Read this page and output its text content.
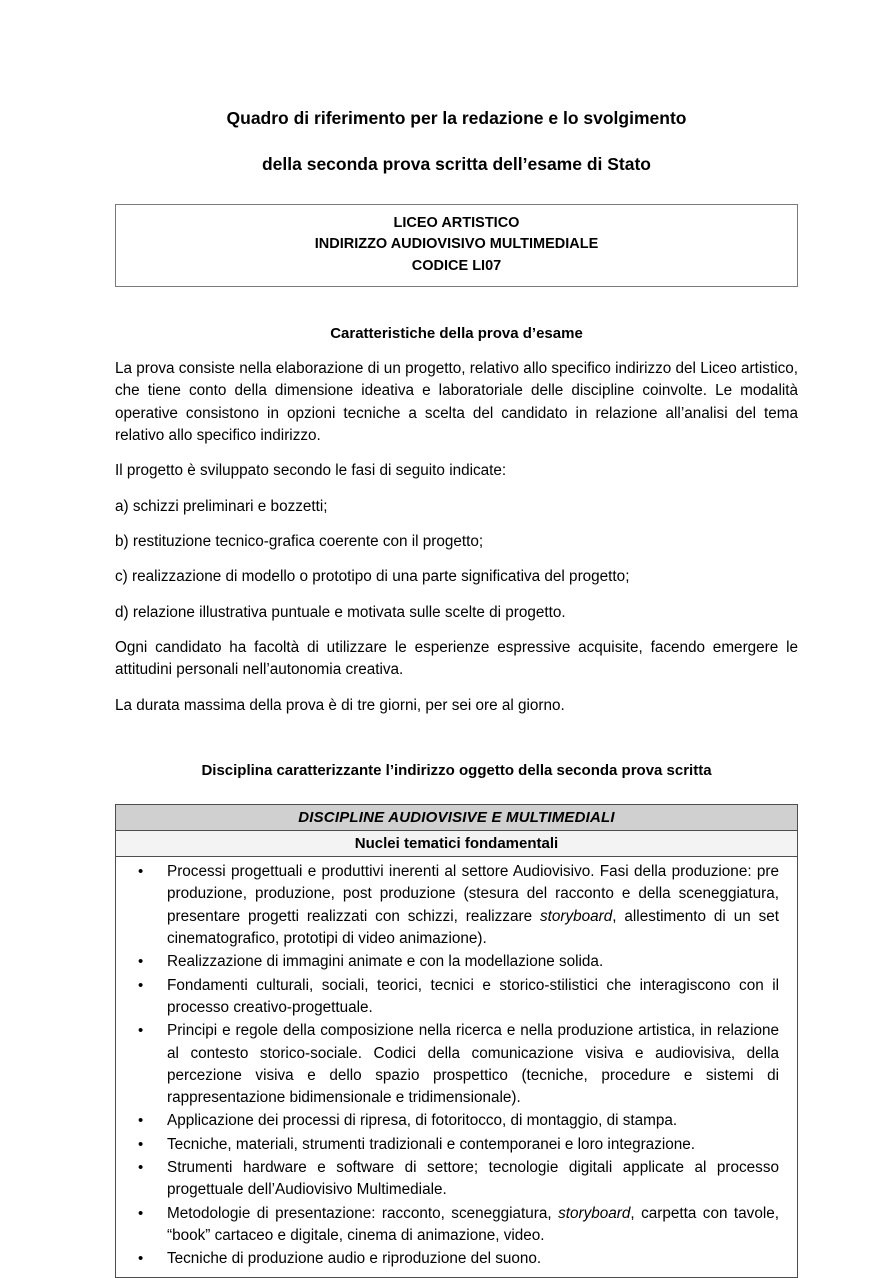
Quadro di riferimento per la redazione e lo svolgimento
della seconda prova scritta dell’esame di Stato
LICEO ARTISTICO
INDIRIZZO AUDIOVISIVO MULTIMEDIALE
CODICE LI07
Caratteristiche della prova d’esame
La prova consiste nella elaborazione di un progetto, relativo allo specifico indirizzo del Liceo artistico, che tiene conto della dimensione ideativa e laboratoriale delle discipline coinvolte. Le modalità operative consistono in opzioni tecniche a scelta del candidato in relazione all’analisi del tema relativo allo specifico indirizzo.
Il progetto è sviluppato secondo le fasi di seguito indicate:
a) schizzi preliminari e bozzetti;
b) restituzione tecnico-grafica coerente con il progetto;
c) realizzazione di modello o prototipo di una parte significativa del progetto;
d) relazione illustrativa puntuale e motivata sulle scelte di progetto.
Ogni candidato ha facoltà di utilizzare le esperienze espressive acquisite, facendo emergere le attitudini personali nell’autonomia creativa.
La durata massima della prova è di tre giorni, per sei ore al giorno.
Disciplina caratterizzante l’indirizzo oggetto della seconda prova scritta
DISCIPLINE AUDIOVISIVE E MULTIMEDIALI
Nuclei tematici fondamentali
• Processi progettuali e produttivi inerenti al settore Audiovisivo. Fasi della produzione: pre produzione, produzione, post produzione (stesura del racconto e della sceneggiatura, presentare progetti realizzati con schizzi, realizzare storyboard, allestimento di un set cinematografico, prototipi di video animazione).
• Realizzazione di immagini animate e con la modellazione solida.
• Fondamenti culturali, sociali, teorici, tecnici e storico-stilistici che interagiscono con il processo creativo-progettuale.
• Principi e regole della composizione nella ricerca e nella produzione artistica, in relazione al contesto storico-sociale. Codici della comunicazione visiva e audiovisiva, della percezione visiva e dello spazio prospettico (tecniche, procedure e sistemi di rappresentazione bidimensionale e tridimensionale).
• Applicazione dei processi di ripresa, di fotoritocco, di montaggio, di stampa.
• Tecniche, materiali, strumenti tradizionali e contemporanei e loro integrazione.
• Strumenti hardware e software di settore; tecnologie digitali applicate al processo progettuale dell’Audiovisivo Multimediale.
• Metodologie di presentazione: racconto, sceneggiatura, storyboard, carpetta con tavole, “book” cartaceo e digitale, cinema di animazione, video.
• Tecniche di produzione audio e riproduzione del suono.
